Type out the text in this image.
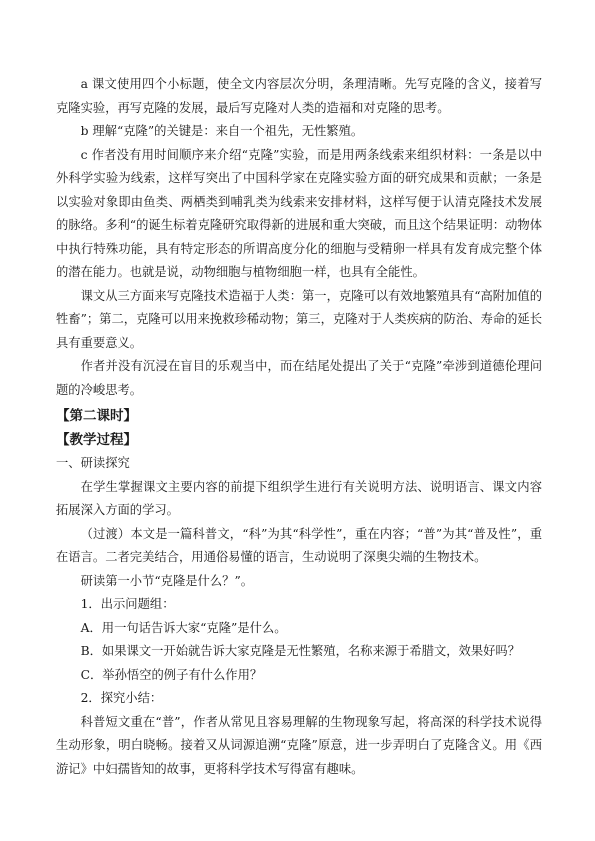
a 课文使用四个小标题，使全文内容层次分明，条理清晰。先写克隆的含义，接着写克隆实验，再写克隆的发展，最后写克隆对人类的造福和对克隆的思考。

b 理解“克隆”的关键是：来自一个祖先，无性繁殖。

c 作者没有用时间顺序来介绍“克隆”实验，而是用两条线索来组织材料：一条是以中外科学实验为线索，这样写突出了中国科学家在克隆实验方面的研究成果和贡献；一条是以实验对象即由鱼类、两栖类到哺乳类为线索来安排材料，这样写便于认清克隆技术发展的脉络。多利“的诞生标着克隆研究取得新的进展和重大突破，而且这个结果证明：动物体中执行特殊功能，具有特定形态的所谓高度分化的细胞与受精卵一样具有发育成完整个体的潜在能力。也就是说，动物细胞与植物细胞一样，也具有全能性。

课文从三方面来写克隆技术造福于人类：第一，克隆可以有效地繁殖具有“高附加值的牲畜”；第二，克隆可以用来挽救珍稀动物；第三，克隆对于人类疾病的防治、寿命的延长具有重要意义。

作者并没有沉浸在盲目的乐观当中，而在结尾处提出了关于“克隆”牵涉到道德伦理问题的冷峻思考。

【第二课时】
【教学过程】

一、研读探究

在学生掌握课文主要内容的前提下组织学生进行有关说明方法、说明语言、课文内容拓展深入方面的学习。

（过渡）本文是一篇科普文，“科”为其“科学性”，重在内容；“普”为其“普及性”，重在语言。二者完美结合，用通俗易懂的语言，生动说明了深奥尖端的生物技术。

研读第一小节“克隆是什么？”。

1．出示问题组：

A．用一句话告诉大家“克隆”是什么。

B．如果课文一开始就告诉大家克隆是无性繁殖，名称来源于希腊文，效果好吗？

C．举孙悟空的例子有什么作用？

2．探究小结：

科普短文重在“普”，作者从常见且容易理解的生物现象写起，将高深的科学技术说得生动形象，明白晓畅。接着又从词源追溯“克隆”原意，进一步弄明白了克隆含义。用《西游记》中妇孺皆知的故事，更将科学技术写得富有趣味。
